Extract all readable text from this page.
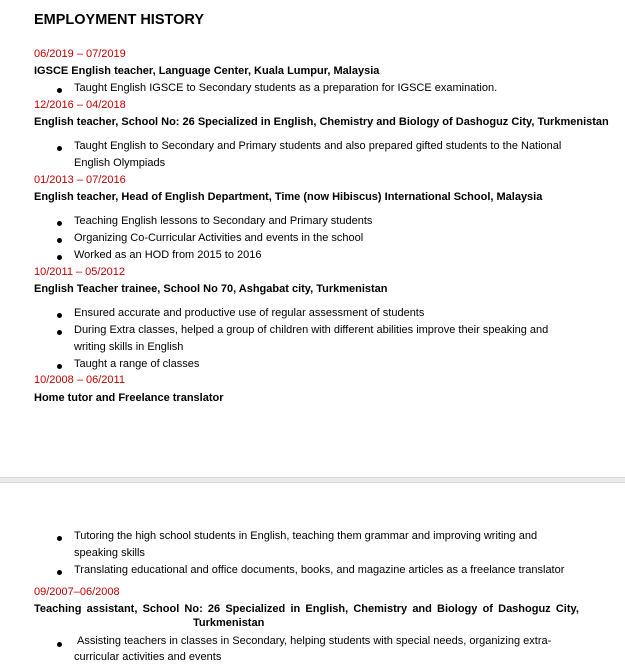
EMPLOYMENT HISTORY
06/2019 – 07/2019
IGSCE English teacher, Language Center, Kuala Lumpur, Malaysia
Taught English IGSCE to Secondary students as a preparation for IGSCE examination.
12/2016 – 04/2018
English teacher, School No: 26 Specialized in English, Chemistry and Biology of Dashoguz City, Turkmenistan
Taught English to Secondary and Primary students and also prepared gifted students to the National
English Olympiads
01/2013 – 07/2016
English teacher, Head of English Department, Time (now Hibiscus) International School, Malaysia
Teaching English lessons to Secondary and Primary students
Organizing Co-Curricular Activities and events in the school
Worked as an HOD from 2015 to 2016
10/2011 – 05/2012
English Teacher trainee, School No 70, Ashgabat city, Turkmenistan
Ensured accurate and productive use of regular assessment of students
During Extra classes, helped a group of children with different abilities improve their speaking and
writing skills in English
Taught a range of classes
10/2008 – 06/2011
Home tutor and Freelance translator
Tutoring the high school students in English, teaching them grammar and improving writing and
speaking skills
Translating educational and office documents, books, and magazine articles as a freelance translator
09/2007–06/2008
Teaching assistant, School No: 26 Specialized in English, Chemistry and Biology of Dashoguz City,
Turkmenistan
Assisting teachers in classes in Secondary, helping students with special needs, organizing extra-
curricular activities and events
